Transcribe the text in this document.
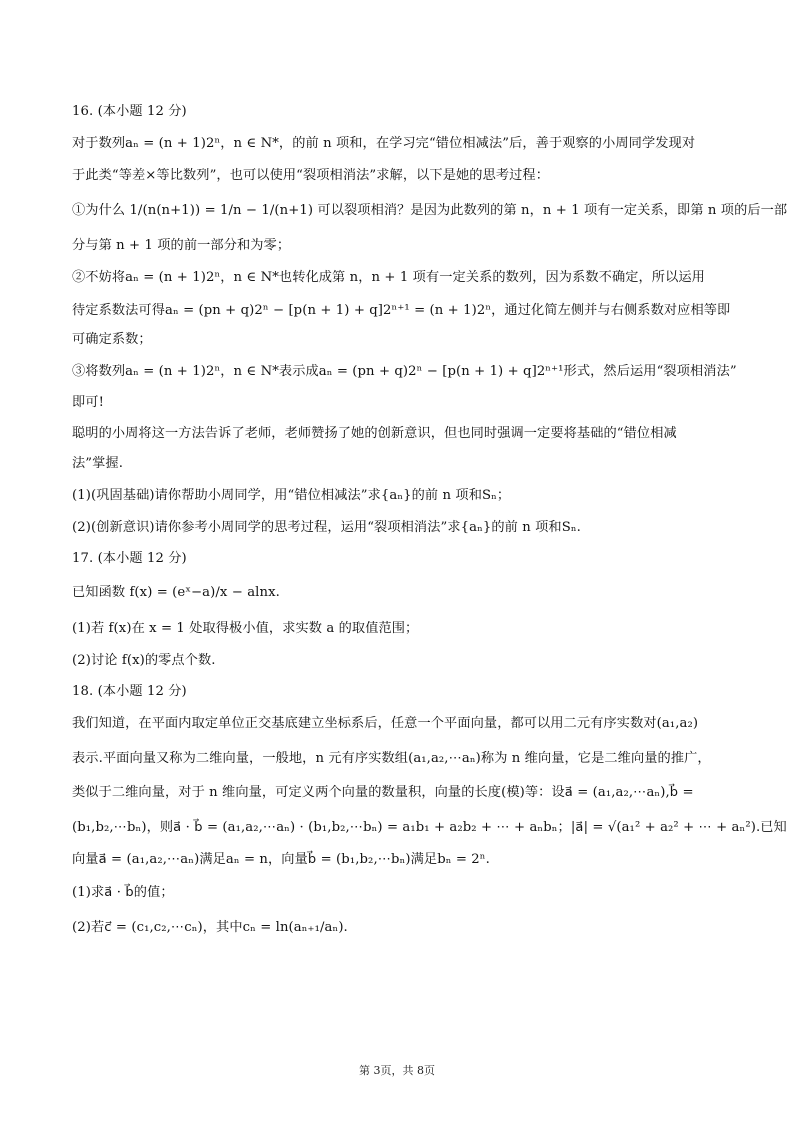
16. (本小题 12 分)
对于数列aₙ = (n + 1)2ⁿ，n ∈ N*，的前 n 项和，在学习完“错位相减法”后，善于观察的小周同学发现对
于此类“等差×等比数列”，也可以使用“裂项相消法”求解，以下是她的思考过程：
①为什么 1/(n(n+1)) = 1/n − 1/(n+1) 可以裂项相消？是因为此数列的第 n，n + 1 项有一定关系，即第 n 项的后一部
分与第 n + 1 项的前一部分和为零；
②不妨将aₙ = (n + 1)2ⁿ，n ∈ N*也转化成第 n，n + 1 项有一定关系的数列，因为系数不确定，所以运用
待定系数法可得aₙ = (pn + q)2ⁿ − [p(n + 1) + q]2ⁿ⁺¹ = (n + 1)2ⁿ，通过化简左侧并与右侧系数对应相等即
可确定系数；
③将数列aₙ = (n + 1)2ⁿ，n ∈ N*表示成aₙ = (pn + q)2ⁿ − [p(n + 1) + q]2ⁿ⁺¹形式，然后运用“裂项相消法”
即可!
聪明的小周将这一方法告诉了老师，老师赞扬了她的创新意识，但也同时强调一定要将基础的“错位相减
法”掌握.
(1)(巩固基础)请你帮助小周同学，用“错位相减法”求{aₙ}的前 n 项和Sₙ；
(2)(创新意识)请你参考小周同学的思考过程，运用“裂项相消法”求{aₙ}的前 n 项和Sₙ.
17. (本小题 12 分)
已知函数 f(x) = (eˣ−a)/x − alnx.
(1)若 f(x)在 x = 1 处取得极小值，求实数 a 的取值范围；
(2)讨论 f(x)的零点个数.
18. (本小题 12 分)
我们知道，在平面内取定单位正交基底建立坐标系后，任意一个平面向量，都可以用二元有序实数对(a₁,a₂)
表示.平面向量又称为二维向量，一般地，n 元有序实数组(a₁,a₂,⋯aₙ)称为 n 维向量，它是二维向量的推广，
类似于二维向量，对于 n 维向量，可定义两个向量的数量积，向量的长度(模)等：设a⃗ = (a₁,a₂,⋯aₙ),b⃗ =
(b₁,b₂,⋯bₙ)，则a⃗ · b⃗ = (a₁,a₂,⋯aₙ) · (b₁,b₂,⋯bₙ) = a₁b₁ + a₂b₂ + ⋯ + aₙbₙ；|a⃗| = √(a₁² + a₂² + ⋯ + aₙ²).已知
向量a⃗ = (a₁,a₂,⋯aₙ)满足aₙ = n，向量b⃗ = (b₁,b₂,⋯bₙ)满足bₙ = 2ⁿ.
(1)求a⃗ · b⃗的值；
(2)若c⃗ = (c₁,c₂,⋯cₙ)，其中cₙ = ln(aₙ₊₁/aₙ).
第 3页，共 8页
